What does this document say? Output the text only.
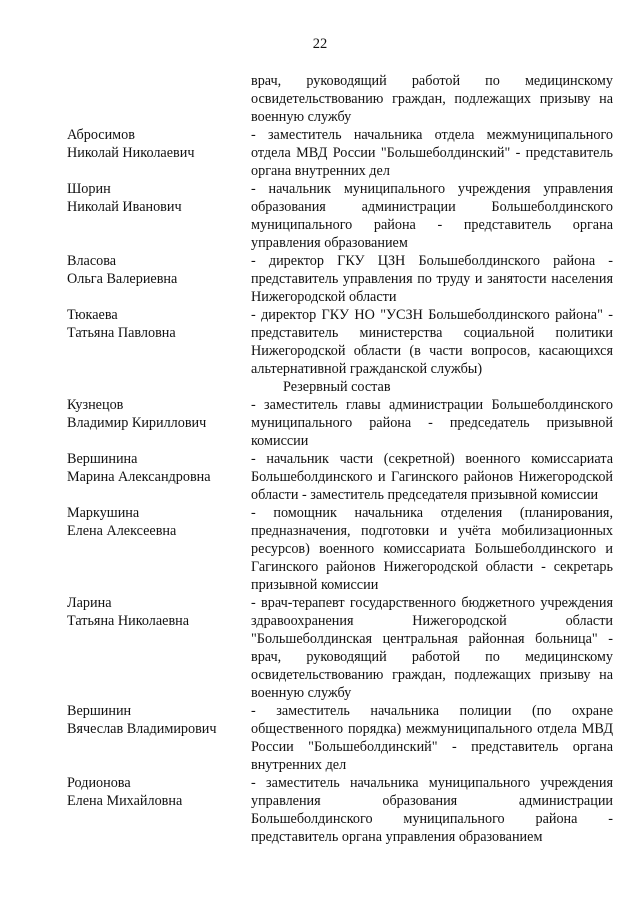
22
врач, руководящий работой по медицинскому освидетельствованию граждан, подлежащих призыву на военную службу
Абросимов
Николай Николаевич
- заместитель начальника отдела межмуниципального отдела МВД России "Большеболдинский" - представитель органа внутренних дел
Шорин
Николай Иванович
- начальник муниципального учреждения управления образования администрации Большеболдинского муниципального района - представитель органа управления образованием
Власова
Ольга Валериевна
- директор ГКУ ЦЗН Большеболдинского района - представитель управления по труду и занятости населения Нижегородской области
Тюкаева
Татьяна Павловна
- директор ГКУ НО "УСЗН Большеболдинского района" - представитель министерства социальной политики Нижегородской области (в части вопросов, касающихся альтернативной гражданской службы)
Резервный состав
Кузнецов
Владимир Кириллович
- заместитель главы администрации Большеболдинского муниципального района - председатель призывной комиссии
Вершинина
Марина Александровна
- начальник части (секретной) военного комиссариата Большеболдинского и Гагинского районов Нижегородской области - заместитель председателя призывной комиссии
Маркушина
Елена Алексеевна
- помощник начальника отделения (планирования, предназначения, подготовки и учёта мобилизационных ресурсов) военного комиссариата Большеболдинского и Гагинского районов Нижегородской области - секретарь призывной комиссии
Ларина
Татьяна Николаевна
- врач-терапевт государственного бюджетного учреждения здравоохранения Нижегородской области "Большеболдинская центральная районная больница" - врач, руководящий работой по медицинскому освидетельствованию граждан, подлежащих призыву на военную службу
Вершинин
Вячеслав Владимирович
- заместитель начальника полиции (по охране общественного порядка) межмуниципального отдела МВД России "Большеболдинский" - представитель органа внутренних дел
Родионова
Елена Михайловна
- заместитель начальника муниципального учреждения управления образования администрации Большеболдинского муниципального района - представитель органа управления образованием
